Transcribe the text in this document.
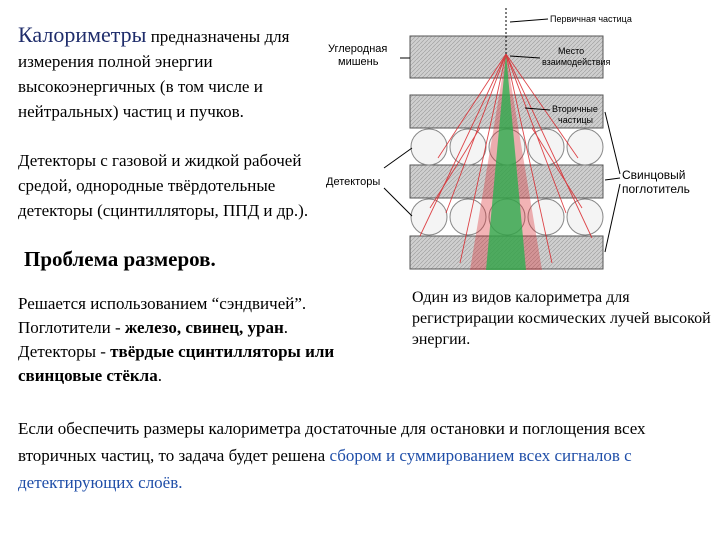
Калориметры предназначены для измерения полной энергии высокоэнергичных (в том числе и нейтральных) частиц и пучков.
Детекторы с газовой и жидкой рабочей средой, однородные твёрдотельные детекторы (сцинтилляторы, ППД и др.).
Проблема размеров.
Решается использованием “сэндвичей”.
Поглотители - железо, свинец, уран.
Детекторы - твёрдые сцинтилляторы или свинцовые стёкла.
Один из видов калориметра для регистрирации космических лучей высокой энергии.
Если обеспечить размеры калориметра достаточные для остановки и поглощения всех вторичных частиц, то задача будет решена сбором и суммированием всех сигналов с детектирующих слоёв.
Первичная частица
Место
взаимодействия
Вторичные
частицы
Углеродная
мишень
Детекторы	Свинцовый
поглотитель
